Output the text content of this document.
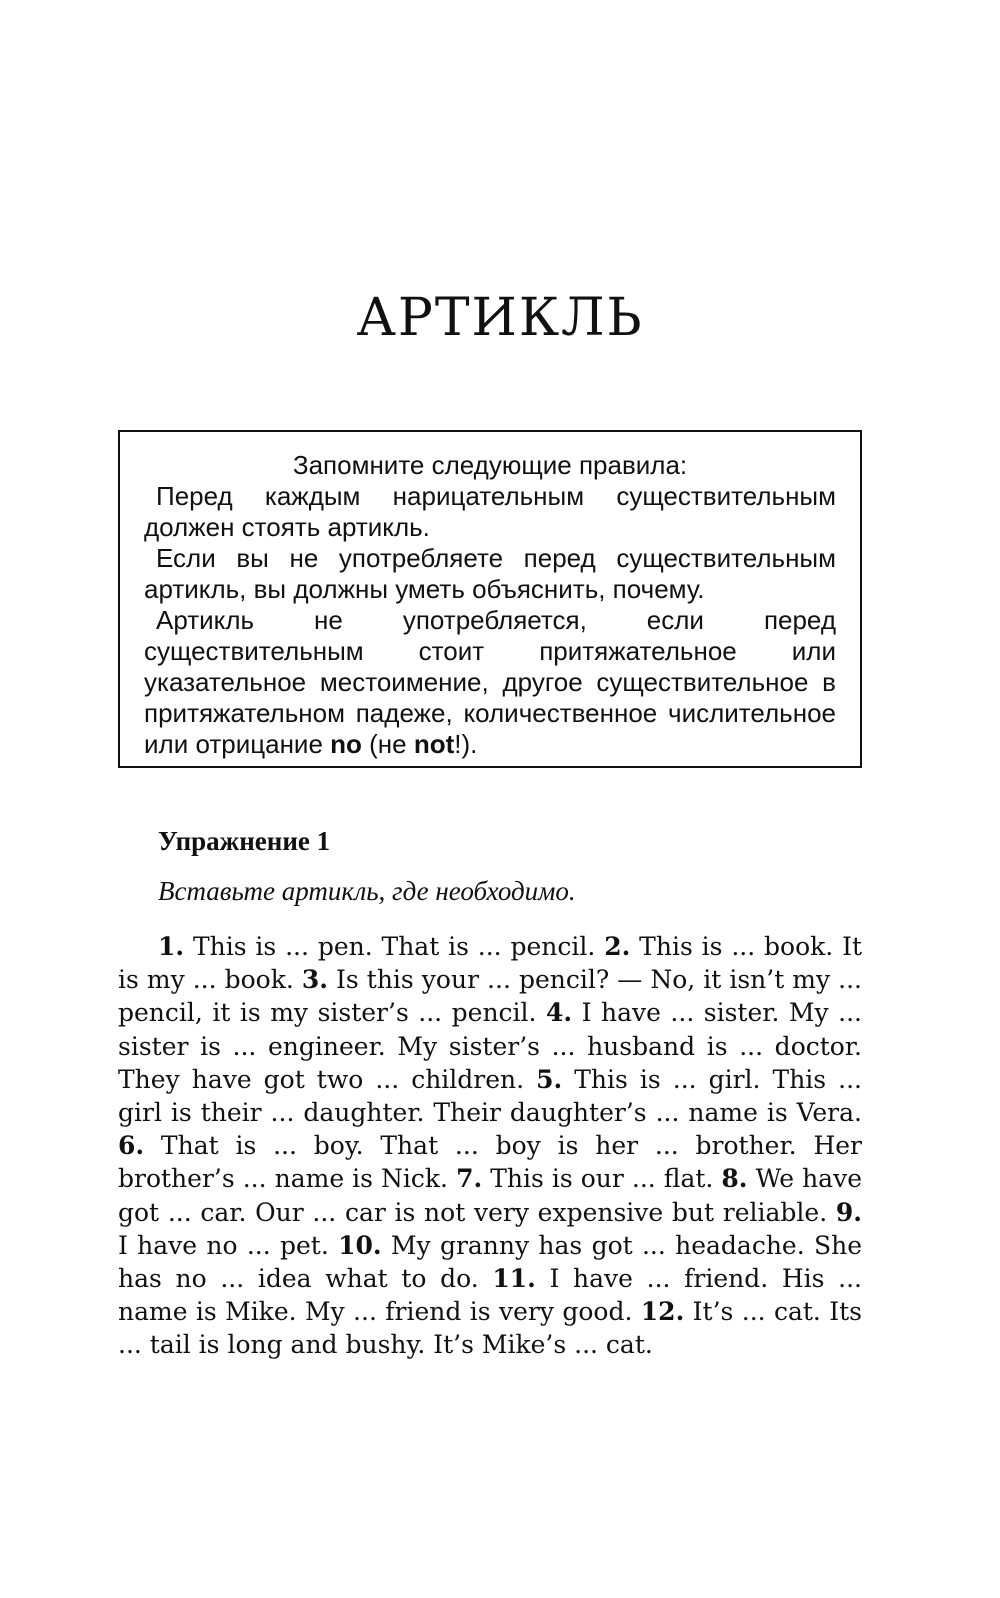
АРТИКЛЬ

Запомните следующие правила:

Перед каждым нарицательным существительным должен стоять артикль.

Если вы не употребляете перед существительным артикль, вы должны уметь объяснить, почему.

Артикль не употребляется, если перед существительным стоит притяжательное или указательное местоимение, другое существительное в притяжательном падеже, количественное числительное или отрицание no (не not!).

Упражнение 1

Вставьте артикль, где необходимо.

1. This is ... pen. That is ... pencil. 2. This is ... book. It is my ... book. 3. Is this your ... pencil? — No, it isn’t my ... pencil, it is my sister’s ... pencil. 4. I have ... sister. My ... sister is ... engineer. My sister’s ... husband is ... doctor. They have got two ... children. 5. This is ... girl. This ... girl is their ... daughter. Their daughter’s ... name is Vera. 6. That is ... boy. That ... boy is her ... brother. Her brother’s ... name is Nick. 7. This is our ... flat. 8. We have got ... car. Our ... car is not very expensive but reliable. 9. I have no ... pet. 10. My granny has got ... headache. She has no ... idea what to do. 11. I have ... friend. His ... name is Mike. My ... friend is very good. 12. It’s ... cat. Its ... tail is long and bushy. It’s Mike’s ... cat.
